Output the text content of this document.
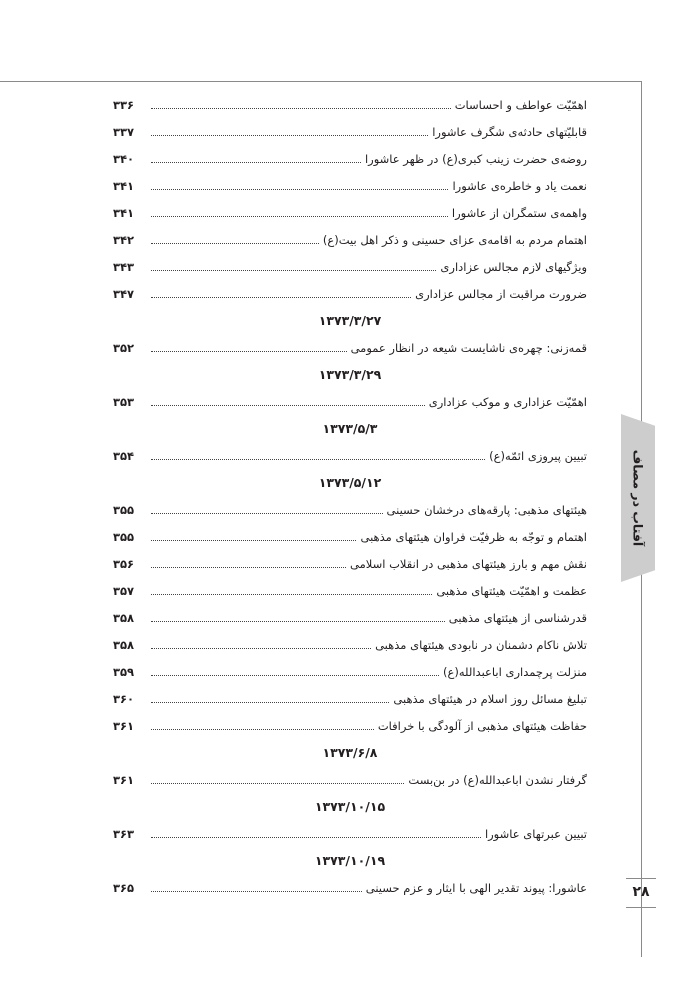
آفتاب در مصاف
۲۸
اهمّیّت عواطف و احساسات
۳۳۶
قابلیّتهای حادثه‌ی شگرف عاشورا
۳۳۷
روضه‌ی حضرت زینب کبری(ع) در ظهر عاشورا
۳۴۰
نعمت یاد و خاطره‌ی عاشورا
۳۴۱
واهمه‌ی ستمگران از عاشورا
۳۴۱
اهتمام مردم به اقامه‌ی عزای حسینی و ذکر اهل بیت(ع)
۳۴۲
ویژگیهای لازم مجالس عزاداری
۳۴۳
ضرورت مراقبت از مجالس عزاداری
۳۴۷
۱۳۷۳/۳/۲۷
قمه‌زنی: چهره‌ی ناشایست شیعه در انظار عمومی
۳۵۲
۱۳۷۳/۳/۲۹
اهمّیّت عزاداری و موکب عزاداری
۳۵۳
۱۳۷۳/۵/۳
تبیین پیروزی ائمّه(ع)
۳۵۴
۱۳۷۳/۵/۱۲
هیئتهای مذهبی: پارقه‌های درخشان حسینی
۳۵۵
اهتمام و توجّه به ظرفیّت فراوان هیئتهای مذهبی
۳۵۵
نقش مهم و بارز هیئتهای مذهبی در انقلاب اسلامی
۳۵۶
عظمت و اهمّیّت هیئتهای مذهبی
۳۵۷
قدرشناسی از هیئتهای مذهبی
۳۵۸
تلاش ناکام دشمنان در نابودی هیئتهای مذهبی
۳۵۸
منزلت پرچمداری اباعبدالله(ع)
۳۵۹
تبلیغ مسائل روز اسلام در هیئتهای مذهبی
۳۶۰
حفاظت هیئتهای مذهبی از آلودگی با خرافات
۳۶۱
۱۳۷۳/۶/۸
گرفتار نشدن اباعبدالله(ع) در بن‌بست
۳۶۱
۱۳۷۳/۱۰/۱۵
تبیین عبرتهای عاشورا
۳۶۳
۱۳۷۳/۱۰/۱۹
عاشورا: پیوند تقدیر الهی با ایثار و عزم حسینی
۳۶۵
